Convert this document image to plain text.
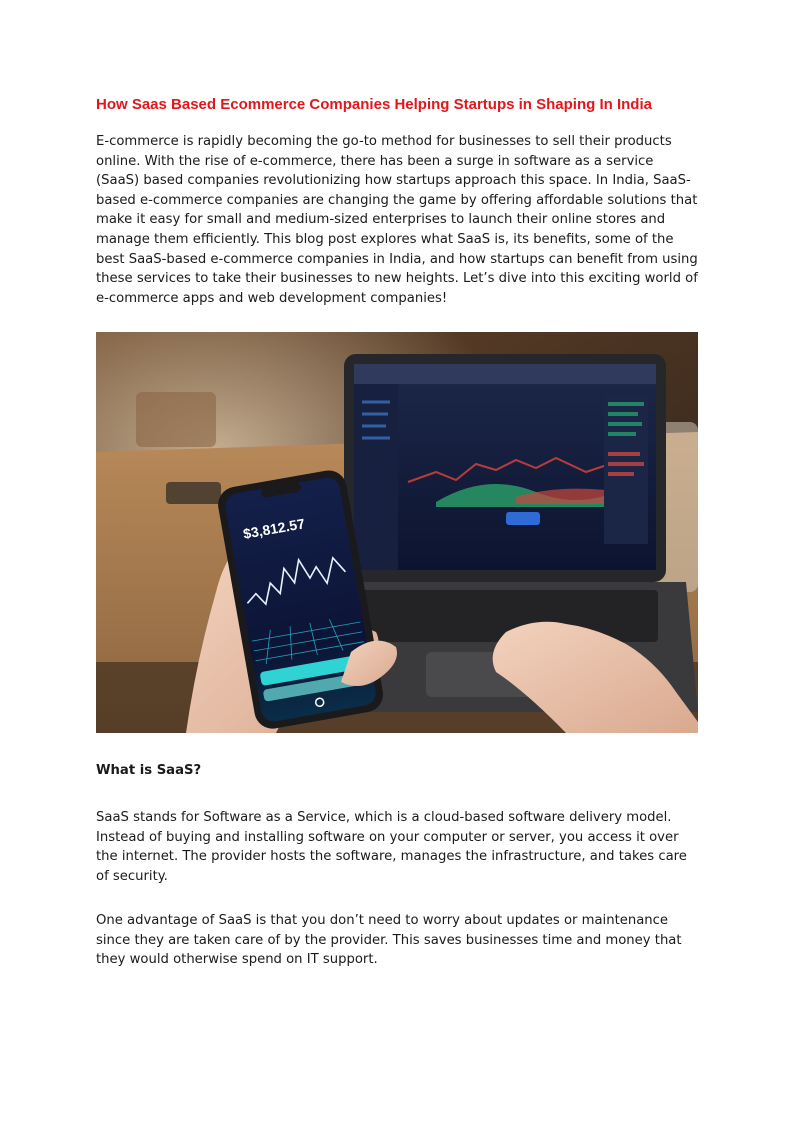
How Saas Based Ecommerce Companies Helping Startups in Shaping In India

E-commerce is rapidly becoming the go-to method for businesses to sell their products online. With the rise of e-commerce, there has been a surge in software as a service (SaaS) based companies revolutionizing how startups approach this space. In India, SaaS-based e-commerce companies are changing the game by offering affordable solutions that make it easy for small and medium-sized enterprises to launch their online stores and manage them efficiently. This blog post explores what SaaS is, its benefits, some of the best SaaS-based e-commerce companies in India, and how startups can benefit from using these services to take their businesses to new heights. Let’s dive into this exciting world of e-commerce apps and web development companies!

$3,812.57
What is SaaS?

SaaS stands for Software as a Service, which is a cloud-based software delivery model. Instead of buying and installing software on your computer or server, you access it over the internet. The provider hosts the software, manages the infrastructure, and takes care of security.

One advantage of SaaS is that you don’t need to worry about updates or maintenance since they are taken care of by the provider. This saves businesses time and money that they would otherwise spend on IT support.
